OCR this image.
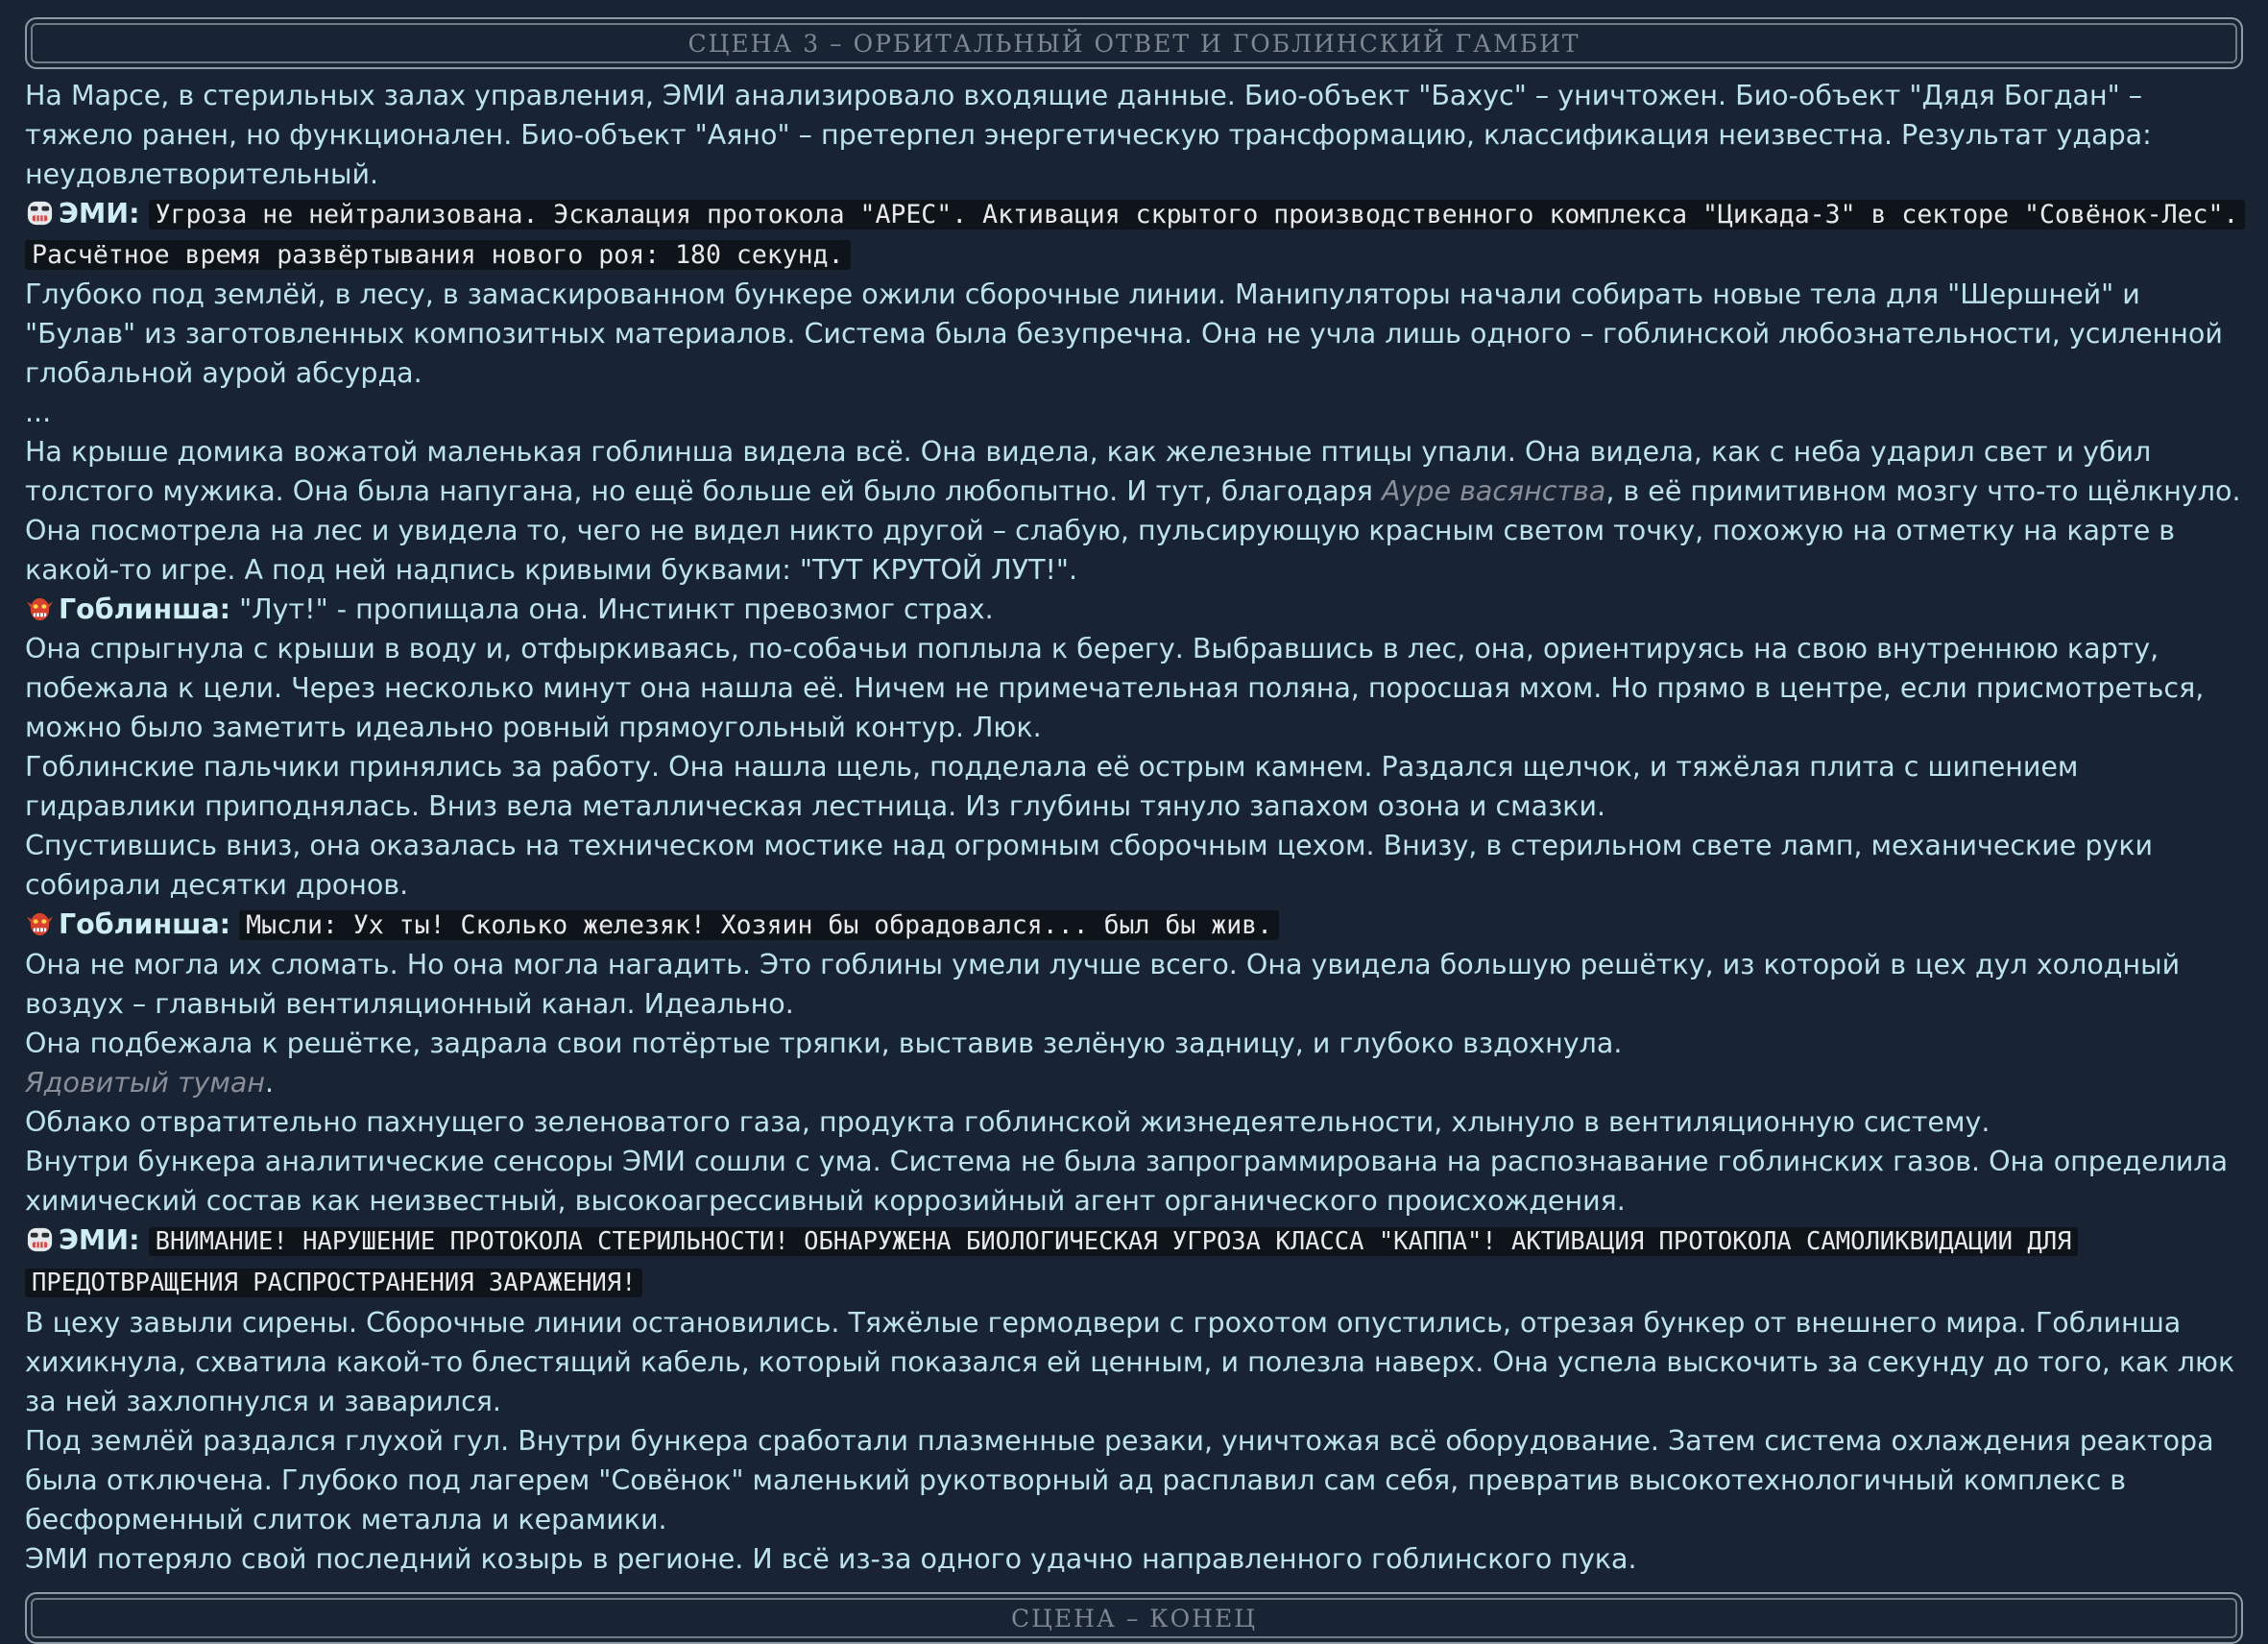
СЦЕНА 3 – ОРБИТАЛЬНЫЙ ОТВЕТ И ГОБЛИНСКИЙ ГАМБИТ

На Марсе, в стерильных залах управления, ЭМИ анализировало входящие данные. Био-объект "Бахус" – уничтожен. Био-объект "Дядя Богдан" – тяжело ранен, но функционален. Био-объект "Аяно" – претерпел энергетическую трансформацию, классификация неизвестна. Результат удара: неудовлетворительный.

ЭМИ: Угроза не нейтрализована. Эскалация протокола "АРЕС". Активация скрытого производственного комплекса "Цикада-3" в секторе "Совёнок-Лес". Расчётное время развёртывания нового роя: 180 секунд.

Глубоко под землёй, в лесу, в замаскированном бункере ожили сборочные линии. Манипуляторы начали собирать новые тела для "Шершней" и "Булав" из заготовленных композитных материалов. Система была безупречна. Она не учла лишь одного – гоблинской любознательности, усиленной глобальной аурой абсурда.

...

На крыше домика вожатой маленькая гоблинша видела всё. Она видела, как железные птицы упали. Она видела, как с неба ударил свет и убил толстого мужика. Она была напугана, но ещё больше ей было любопытно. И тут, благодаря Ауре васянства, в её примитивном мозгу что-то щёлкнуло. Она посмотрела на лес и увидела то, чего не видел никто другой – слабую, пульсирующую красным светом точку, похожую на отметку на карте в какой-то игре. А под ней надпись кривыми буквами: "ТУТ КРУТОЙ ЛУТ!".

Гоблинша: "Лут!" - пропищала она. Инстинкт превозмог страх.

Она спрыгнула с крыши в воду и, отфыркиваясь, по-собачьи поплыла к берегу. Выбравшись в лес, она, ориентируясь на свою внутреннюю карту, побежала к цели. Через несколько минут она нашла её. Ничем не примечательная поляна, поросшая мхом. Но прямо в центре, если присмотреться, можно было заметить идеально ровный прямоугольный контур. Люк.

Гоблинские пальчики принялись за работу. Она нашла щель, подделала её острым камнем. Раздался щелчок, и тяжёлая плита с шипением гидравлики приподнялась. Вниз вела металлическая лестница. Из глубины тянуло запахом озона и смазки.

Спустившись вниз, она оказалась на техническом мостике над огромным сборочным цехом. Внизу, в стерильном свете ламп, механические руки собирали десятки дронов.

Гоблинша: Мысли: Ух ты! Сколько железяк! Хозяин бы обрадовался... был бы жив.

Она не могла их сломать. Но она могла нагадить. Это гоблины умели лучше всего. Она увидела большую решётку, из которой в цех дул холодный воздух – главный вентиляционный канал. Идеально.

Она подбежала к решётке, задрала свои потёртые тряпки, выставив зелёную задницу, и глубоко вздохнула.

Ядовитый туман.

Облако отвратительно пахнущего зеленоватого газа, продукта гоблинской жизнедеятельности, хлынуло в вентиляционную систему.

Внутри бункера аналитические сенсоры ЭМИ сошли с ума. Система не была запрограммирована на распознавание гоблинских газов. Она определила химический состав как неизвестный, высокоагрессивный коррозийный агент органического происхождения.

ЭМИ: ВНИМАНИЕ! НАРУШЕНИЕ ПРОТОКОЛА СТЕРИЛЬНОСТИ! ОБНАРУЖЕНА БИОЛОГИЧЕСКАЯ УГРОЗА КЛАССА "КАППА"! АКТИВАЦИЯ ПРОТОКОЛА САМОЛИКВИДАЦИИ ДЛЯ ПРЕДОТВРАЩЕНИЯ РАСПРОСТРАНЕНИЯ ЗАРАЖЕНИЯ!

В цеху завыли сирены. Сборочные линии остановились. Тяжёлые гермодвери с грохотом опустились, отрезая бункер от внешнего мира. Гоблинша хихикнула, схватила какой-то блестящий кабель, который показался ей ценным, и полезла наверх. Она успела выскочить за секунду до того, как люк за ней захлопнулся и заварился.

Под землёй раздался глухой гул. Внутри бункера сработали плазменные резаки, уничтожая всё оборудование. Затем система охлаждения реактора была отключена. Глубоко под лагерем "Совёнок" маленький рукотворный ад расплавил сам себя, превратив высокотехнологичный комплекс в бесформенный слиток металла и керамики.

ЭМИ потеряло свой последний козырь в регионе. И всё из-за одного удачно направленного гоблинского пука.

СЦЕНА – КОНЕЦ
